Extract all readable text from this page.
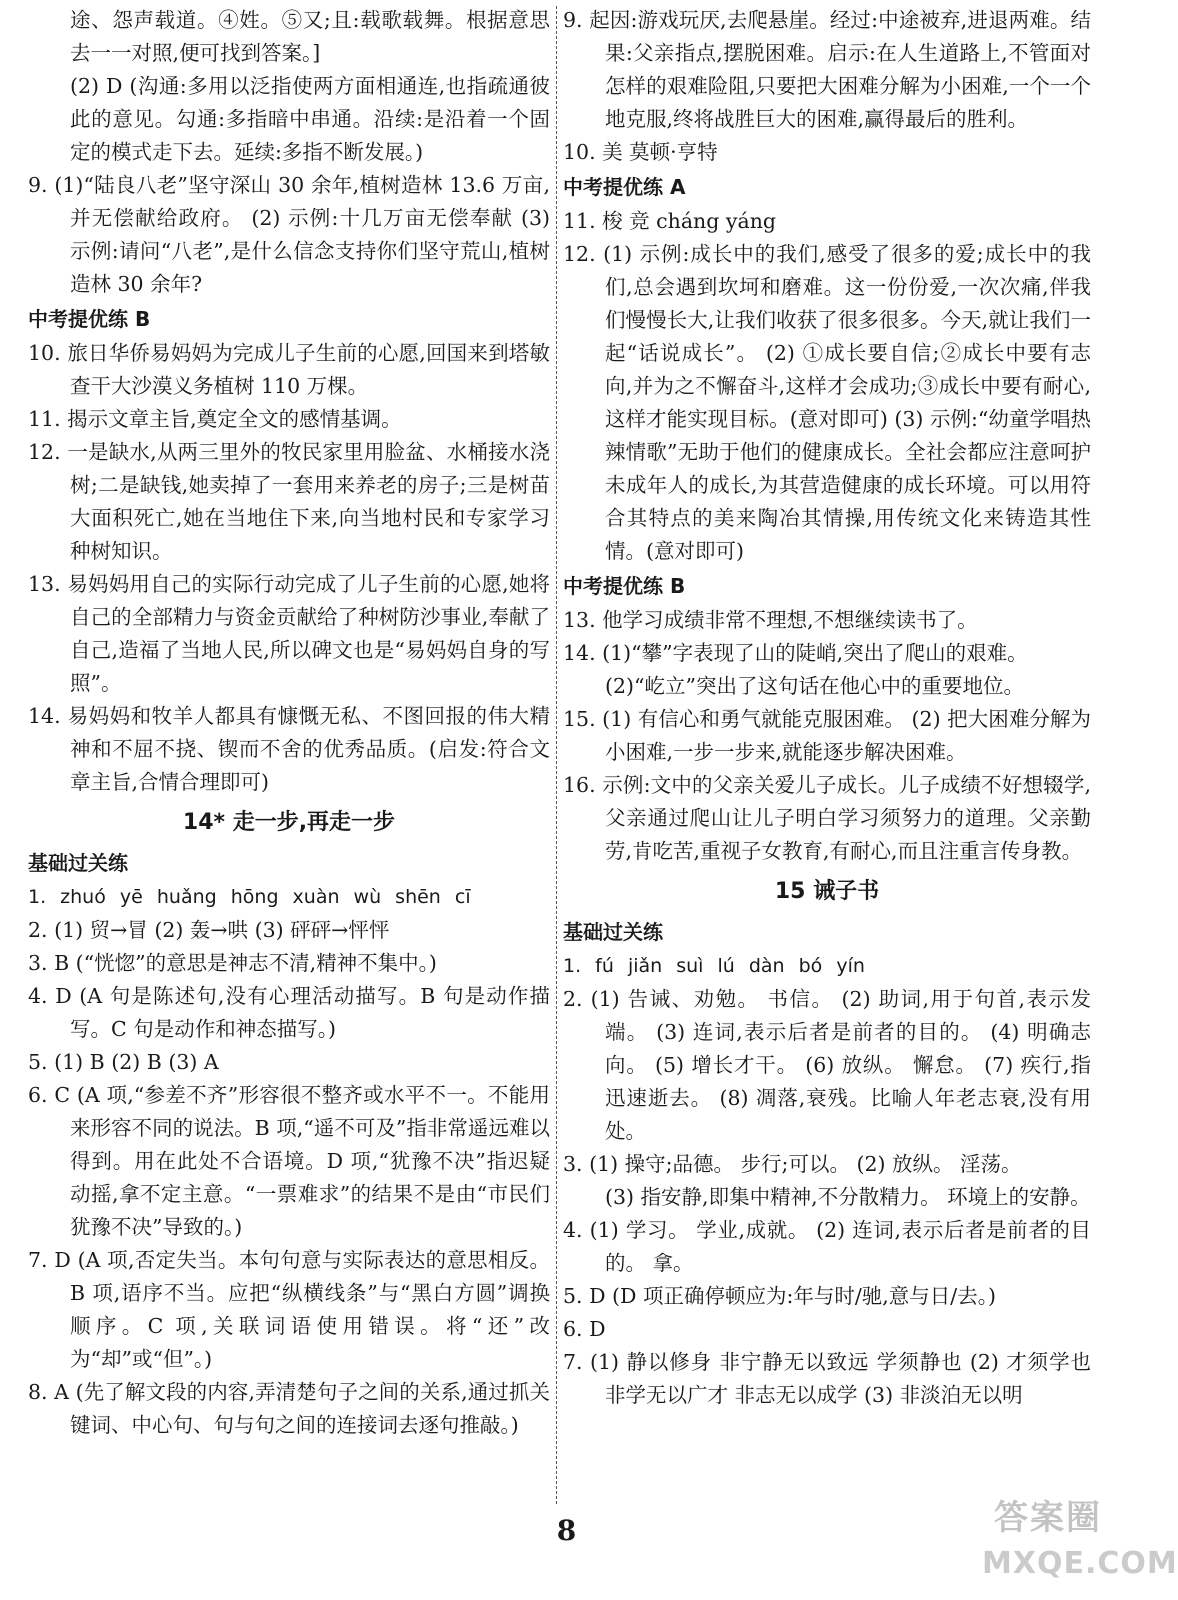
途、怨声载道。④姓。⑤又;且:载歌载舞。根据意思去一一对照,便可找到答案。]

(2) D (沟通:多用以泛指使两方面相通连,也指疏通彼此的意见。勾通:多指暗中串通。沿续:是沿着一个固定的模式走下去。延续:多指不断发展。)

9. (1)“陆良八老”坚守深山 30 余年,植树造林 13.6 万亩,并无偿献给政府。 (2) 示例:十几万亩无偿奉献 (3) 示例:请问“八老”,是什么信念支持你们坚守荒山,植树造林 30 余年?

中考提优练 B

10. 旅日华侨易妈妈为完成儿子生前的心愿,回国来到塔敏查干大沙漠义务植树 110 万棵。

11. 揭示文章主旨,奠定全文的感情基调。

12. 一是缺水,从两三里外的牧民家里用脸盆、水桶接水浇树;二是缺钱,她卖掉了一套用来养老的房子;三是树苗大面积死亡,她在当地住下来,向当地村民和专家学习种树知识。

13. 易妈妈用自己的实际行动完成了儿子生前的心愿,她将自己的全部精力与资金贡献给了种树防沙事业,奉献了自己,造福了当地人民,所以碑文也是“易妈妈自身的写照”。

14. 易妈妈和牧羊人都具有慷慨无私、不图回报的伟大精神和不屈不挠、锲而不舍的优秀品质。(启发:符合文章主旨,合情合理即可)

14* 走一步,再走一步

基础过关练

1. zhuó yē huǎng hōng xuàn wù shēn cī

2. (1) 贸→冒 (2) 轰→哄 (3) 砰砰→怦怦

3. B (“恍惚”的意思是神志不清,精神不集中。)

4. D (A 句是陈述句,没有心理活动描写。B 句是动作描写。C 句是动作和神态描写。)

5. (1) B (2) B (3) A

6. C (A 项,“参差不齐”形容很不整齐或水平不一。不能用来形容不同的说法。B 项,“遥不可及”指非常遥远难以得到。用在此处不合语境。D 项,“犹豫不决”指迟疑动摇,拿不定主意。“一票难求”的结果不是由“市民们犹豫不决”导致的。)

7. D (A 项,否定失当。本句句意与实际表达的意思相反。B 项,语序不当。应把“纵横线条”与“黑白方圆”调换顺序。C 项,关联词语使用错误。将“还”改为“却”或“但”。)

8. A (先了解文段的内容,弄清楚句子之间的关系,通过抓关键词、中心句、句与句之间的连接词去逐句推敲。)

9. 起因:游戏玩厌,去爬悬崖。经过:中途被弃,进退两难。结果:父亲指点,摆脱困难。启示:在人生道路上,不管面对怎样的艰难险阻,只要把大困难分解为小困难,一个一个地克服,终将战胜巨大的困难,赢得最后的胜利。

10. 美 莫顿·亨特

中考提优练 A

11. 梭 竞 cháng yáng

12. (1) 示例:成长中的我们,感受了很多的爱;成长中的我们,总会遇到坎坷和磨难。这一份份爱,一次次痛,伴我们慢慢长大,让我们收获了很多很多。今天,就让我们一起“话说成长”。 (2) ①成长要自信;②成长中要有志向,并为之不懈奋斗,这样才会成功;③成长中要有耐心,这样才能实现目标。(意对即可) (3) 示例:“幼童学唱热辣情歌”无助于他们的健康成长。全社会都应注意呵护未成年人的成长,为其营造健康的成长环境。可以用符合其特点的美来陶冶其情操,用传统文化来铸造其性情。(意对即可)

中考提优练 B

13. 他学习成绩非常不理想,不想继续读书了。

14. (1)“攀”字表现了山的陡峭,突出了爬山的艰难。

(2)“屹立”突出了这句话在他心中的重要地位。

15. (1) 有信心和勇气就能克服困难。 (2) 把大困难分解为小困难,一步一步来,就能逐步解决困难。

16. 示例:文中的父亲关爱儿子成长。儿子成绩不好想辍学,父亲通过爬山让儿子明白学习须努力的道理。父亲勤劳,肯吃苦,重视子女教育,有耐心,而且注重言传身教。

15 诫子书

基础过关练

1. fú jiǎn suì lú dàn bó yín

2. (1) 告诫、劝勉。 书信。 (2) 助词,用于句首,表示发端。 (3) 连词,表示后者是前者的目的。 (4) 明确志向。 (5) 增长才干。 (6) 放纵。 懈怠。 (7) 疾行,指迅速逝去。 (8) 凋落,衰残。比喻人年老志衰,没有用处。

3. (1) 操守;品德。 步行;可以。 (2) 放纵。 淫荡。

(3) 指安静,即集中精神,不分散精力。 环境上的安静。

4. (1) 学习。 学业,成就。 (2) 连词,表示后者是前者的目的。 拿。

5. D (D 项正确停顿应为:年与时/驰,意与日/去。)

6. D

7. (1) 静以修身 非宁静无以致远 学须静也 (2) 才须学也 非学无以广才 非志无以成学 (3) 非淡泊无以明

8	答案圈
MXQE.COM
